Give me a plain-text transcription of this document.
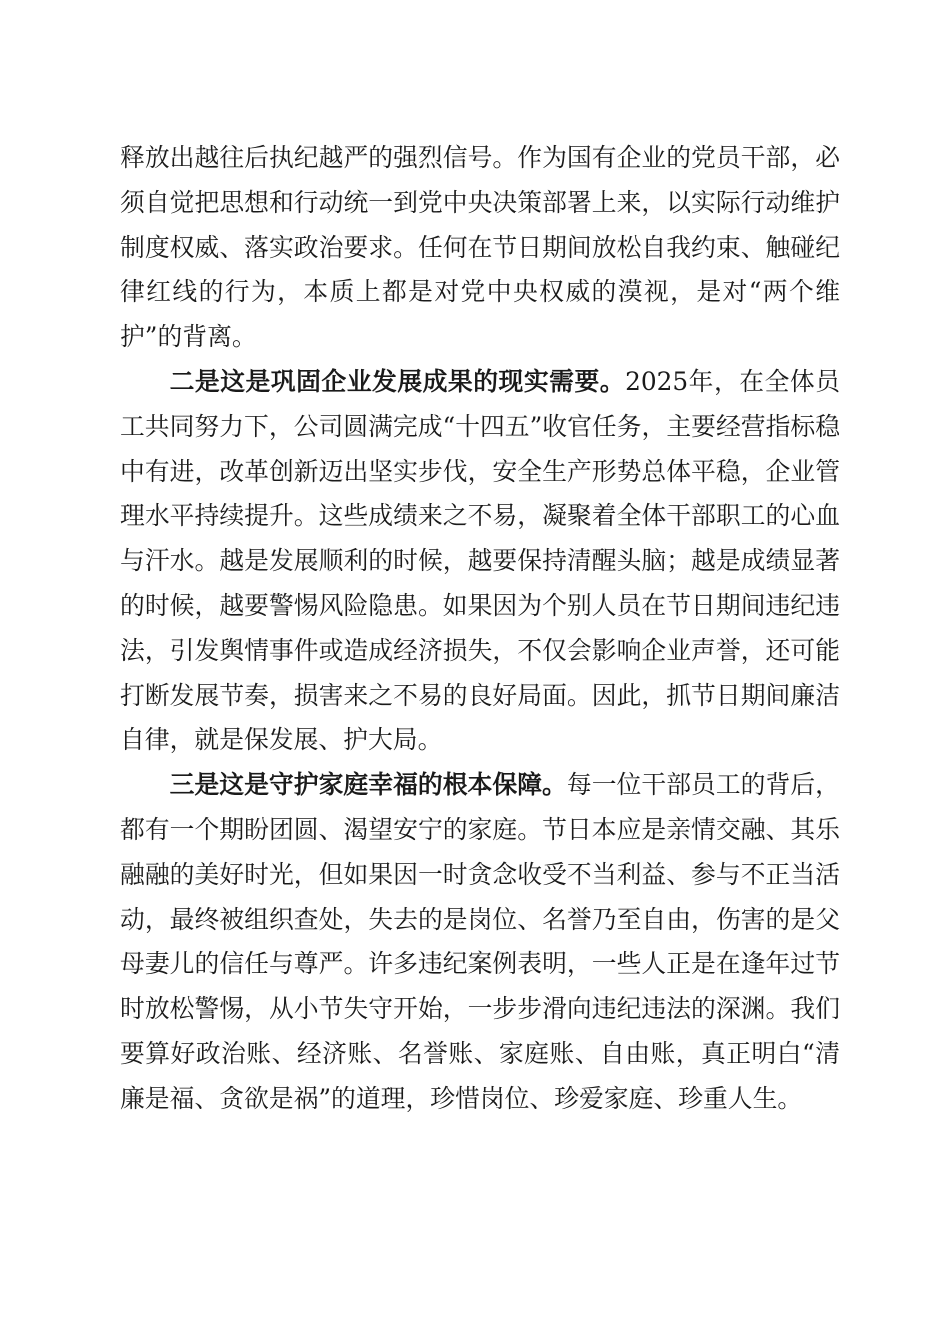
释放出越往后执纪越严的强烈信号。作为国有企业的党员干部，必须自觉把思想和行动统一到党中央决策部署上来，以实际行动维护制度权威、落实政治要求。任何在节日期间放松自我约束、触碰纪律红线的行为，本质上都是对党中央权威的漠视，是对“两个维护”的背离。

二是这是巩固企业发展成果的现实需要。2025年，在全体员工共同努力下，公司圆满完成“十四五”收官任务，主要经营指标稳中有进，改革创新迈出坚实步伐，安全生产形势总体平稳，企业管理水平持续提升。这些成绩来之不易，凝聚着全体干部职工的心血与汗水。越是发展顺利的时候，越要保持清醒头脑；越是成绩显著的时候，越要警惕风险隐患。如果因为个别人员在节日期间违纪违法，引发舆情事件或造成经济损失，不仅会影响企业声誉，还可能打断发展节奏，损害来之不易的良好局面。因此，抓节日期间廉洁自律，就是保发展、护大局。

三是这是守护家庭幸福的根本保障。每一位干部员工的背后，都有一个期盼团圆、渴望安宁的家庭。节日本应是亲情交融、其乐融融的美好时光，但如果因一时贪念收受不当利益、参与不正当活动，最终被组织查处，失去的是岗位、名誉乃至自由，伤害的是父母妻儿的信任与尊严。许多违纪案例表明，一些人正是在逢年过节时放松警惕，从小节失守开始，一步步滑向违纪违法的深渊。我们要算好政治账、经济账、名誉账、家庭账、自由账，真正明白“清廉是福、贪欲是祸”的道理，珍惜岗位、珍爱家庭、珍重人生。
